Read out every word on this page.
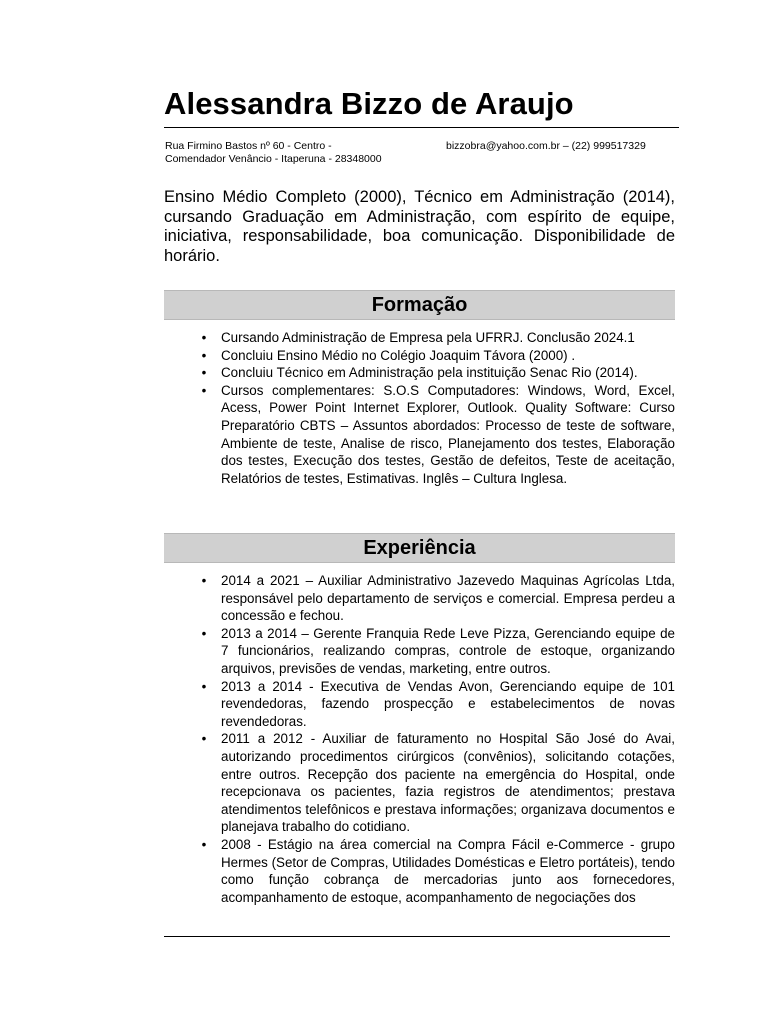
Alessandra Bizzo de Araujo
Rua Firmino Bastos nº 60 - Centro -
Comendador Venâncio - Itaperuna - 28348000
bizzobra@yahoo.com.br – (22) 999517329
Ensino Médio Completo (2000), Técnico em Administração (2014), cursando Graduação em Administração, com espírito de equipe, iniciativa, responsabilidade, boa comunicação. Disponibilidade de horário.
Formação
• Cursando Administração de Empresa pela UFRRJ. Conclusão 2024.1
• Concluiu Ensino Médio no Colégio Joaquim Távora (2000) .
• Concluiu Técnico em Administração pela instituição Senac Rio (2014).
• Cursos complementares: S.O.S Computadores: Windows, Word, Excel, Acess, Power Point Internet Explorer, Outlook. Quality Software: Curso Preparatório CBTS – Assuntos abordados: Processo de teste de software, Ambiente de teste, Analise de risco, Planejamento dos testes, Elaboração dos testes, Execução dos testes, Gestão de defeitos, Teste de aceitação, Relatórios de testes, Estimativas. Inglês – Cultura Inglesa.
Experiência
• 2014 a 2021 – Auxiliar Administrativo Jazevedo Maquinas Agrícolas Ltda, responsável pelo departamento de serviços e comercial. Empresa perdeu a concessão e fechou.
• 2013 a 2014 – Gerente Franquia Rede Leve Pizza, Gerenciando equipe de 7 funcionários, realizando compras, controle de estoque, organizando arquivos, previsões de vendas, marketing, entre outros.
• 2013 a 2014 - Executiva de Vendas Avon, Gerenciando equipe de 101 revendedoras, fazendo prospecção e estabelecimentos de novas revendedoras.
• 2011 a 2012 - Auxiliar de faturamento no Hospital São José do Avai, autorizando procedimentos cirúrgicos (convênios), solicitando cotações, entre outros. Recepção dos paciente na emergência do Hospital, onde recepcionava os pacientes, fazia registros de atendimentos; prestava atendimentos telefônicos e prestava informações; organizava documentos e planejava trabalho do cotidiano.
• 2008 - Estágio na área comercial na Compra Fácil e-Commerce - grupo Hermes (Setor de Compras, Utilidades Domésticas e Eletro portáteis), tendo como função cobrança de mercadorias junto aos fornecedores, acompanhamento de estoque, acompanhamento de negociações dos
